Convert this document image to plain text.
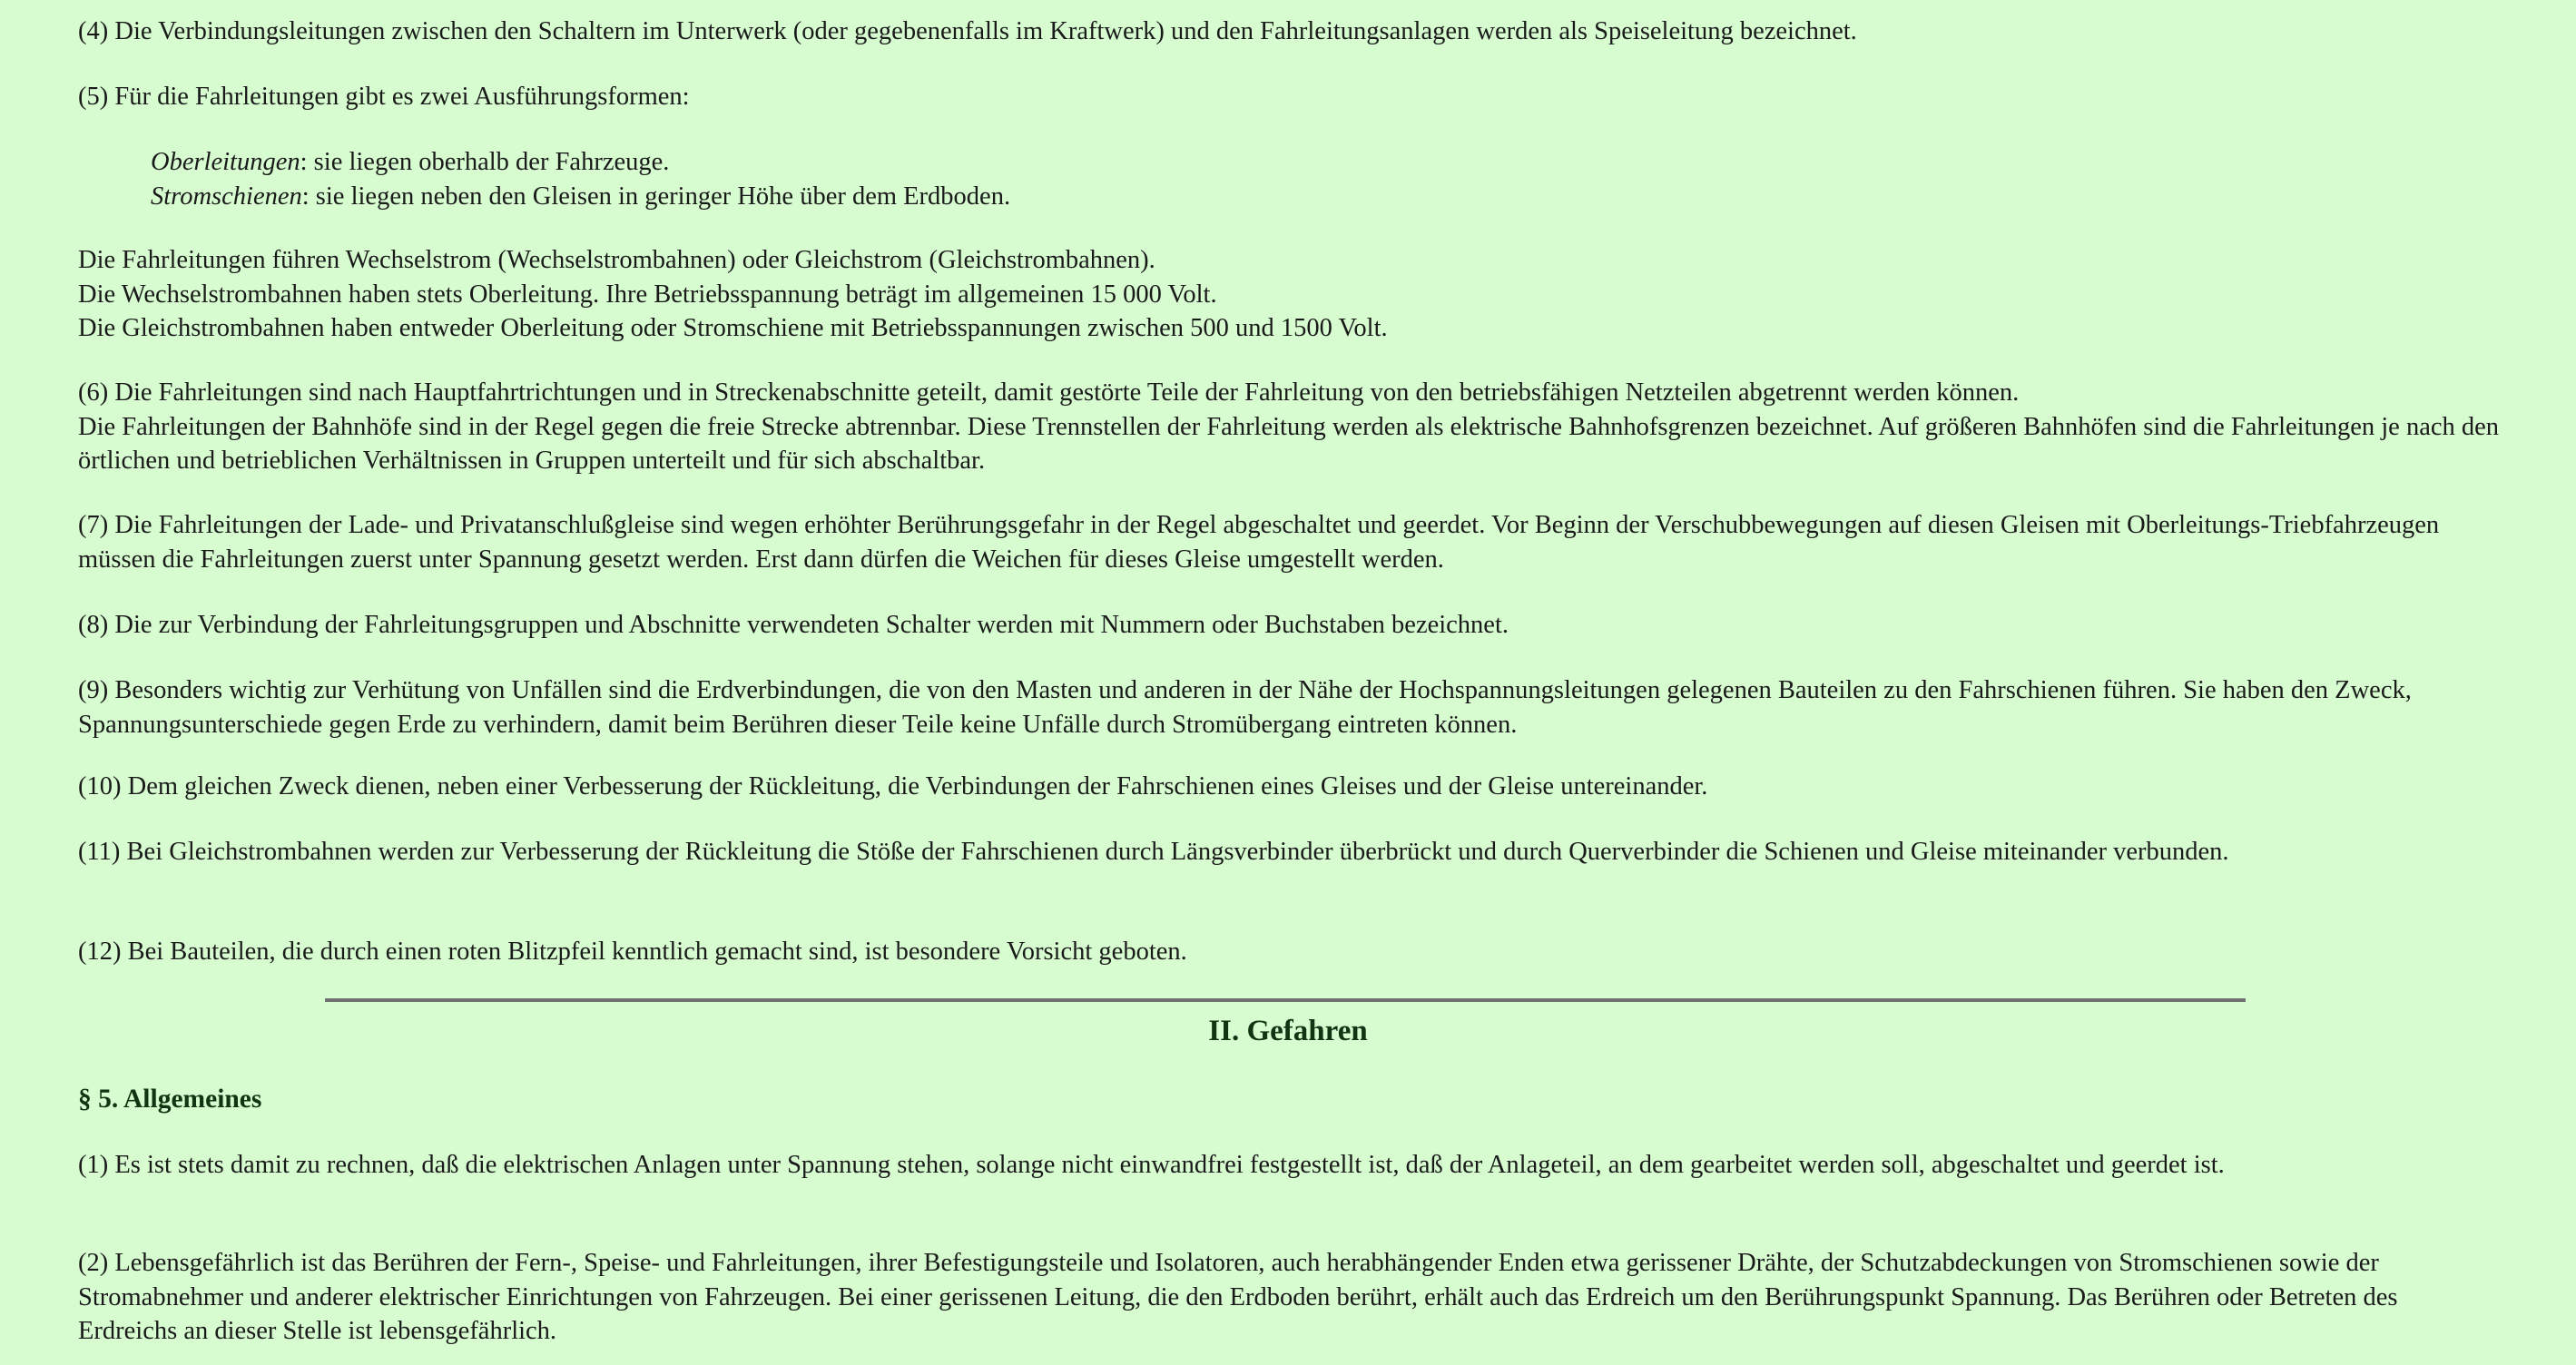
(4) Die Verbindungsleitungen zwischen den Schaltern im Unterwerk (oder gegebenenfalls im Kraftwerk) und den Fahrleitungsanlagen werden als Speiseleitung bezeichnet.

(5) Für die Fahrleitungen gibt es zwei Ausführungsformen:

Oberleitungen: sie liegen oberhalb der Fahrzeuge.

Stromschienen: sie liegen neben den Gleisen in geringer Höhe über dem Erdboden.

Die Fahrleitungen führen Wechselstrom (Wechselstrombahnen) oder Gleichstrom (Gleichstrombahnen).

Die Wechselstrombahnen haben stets Oberleitung. Ihre Betriebsspannung beträgt im allgemeinen 15 000 Volt.

Die Gleichstrombahnen haben entweder Oberleitung oder Stromschiene mit Betriebsspannungen zwischen 500 und 1500 Volt.

(6) Die Fahrleitungen sind nach Hauptfahrtrichtungen und in Streckenabschnitte geteilt, damit gestörte Teile der Fahrleitung von den betriebsfähigen Netzteilen abgetrennt werden können.

Die Fahrleitungen der Bahnhöfe sind in der Regel gegen die freie Strecke abtrennbar. Diese Trennstellen der Fahrleitung werden als elektrische Bahnhofsgrenzen bezeichnet. Auf größeren Bahnhöfen sind die Fahrleitungen je nach den örtlichen und betrieblichen Verhältnissen in Gruppen unterteilt und für sich abschaltbar.

(7) Die Fahrleitungen der Lade- und Privatanschlußgleise sind wegen erhöhter Berührungsgefahr in der Regel abgeschaltet und geerdet. Vor Beginn der Verschubbewegungen auf diesen Gleisen mit Oberleitungs-Triebfahrzeugen müssen die Fahrleitungen zuerst unter Spannung gesetzt werden. Erst dann dürfen die Weichen für dieses Gleise umgestellt werden.

(8) Die zur Verbindung der Fahrleitungsgruppen und Abschnitte verwendeten Schalter werden mit Nummern oder Buchstaben bezeichnet.

(9) Besonders wichtig zur Verhütung von Unfällen sind die Erdverbindungen, die von den Masten und anderen in der Nähe der Hochspannungsleitungen gelegenen Bauteilen zu den Fahrschienen führen. Sie haben den Zweck, Spannungsunterschiede gegen Erde zu verhindern, damit beim Berühren dieser Teile keine Unfälle durch Stromübergang eintreten können.

(10) Dem gleichen Zweck dienen, neben einer Verbesserung der Rückleitung, die Verbindungen der Fahrschienen eines Gleises und der Gleise untereinander.

(11) Bei Gleichstrombahnen werden zur Verbesserung der Rückleitung die Stöße der Fahrschienen durch Längsverbinder überbrückt und durch Querverbinder die Schienen und Gleise miteinander verbunden.

(12) Bei Bauteilen, die durch einen roten Blitzpfeil kenntlich gemacht sind, ist besondere Vorsicht geboten.

II. Gefahren
§ 5. Allgemeines

(1) Es ist stets damit zu rechnen, daß die elektrischen Anlagen unter Spannung stehen, solange nicht einwandfrei festgestellt ist, daß der Anlageteil, an dem gearbeitet werden soll, abgeschaltet und geerdet ist.

(2) Lebensgefährlich ist das Berühren der Fern-, Speise- und Fahrleitungen, ihrer Befestigungsteile und Isolatoren, auch herabhängender Enden etwa gerissener Drähte, der Schutzabdeckungen von Stromschienen sowie der Stromabnehmer und anderer elektrischer Einrichtungen von Fahrzeugen. Bei einer gerissenen Leitung, die den Erdboden berührt, erhält auch das Erdreich um den Berührungspunkt Spannung. Das Berühren oder Betreten des Erdreichs an dieser Stelle ist lebensgefährlich.
